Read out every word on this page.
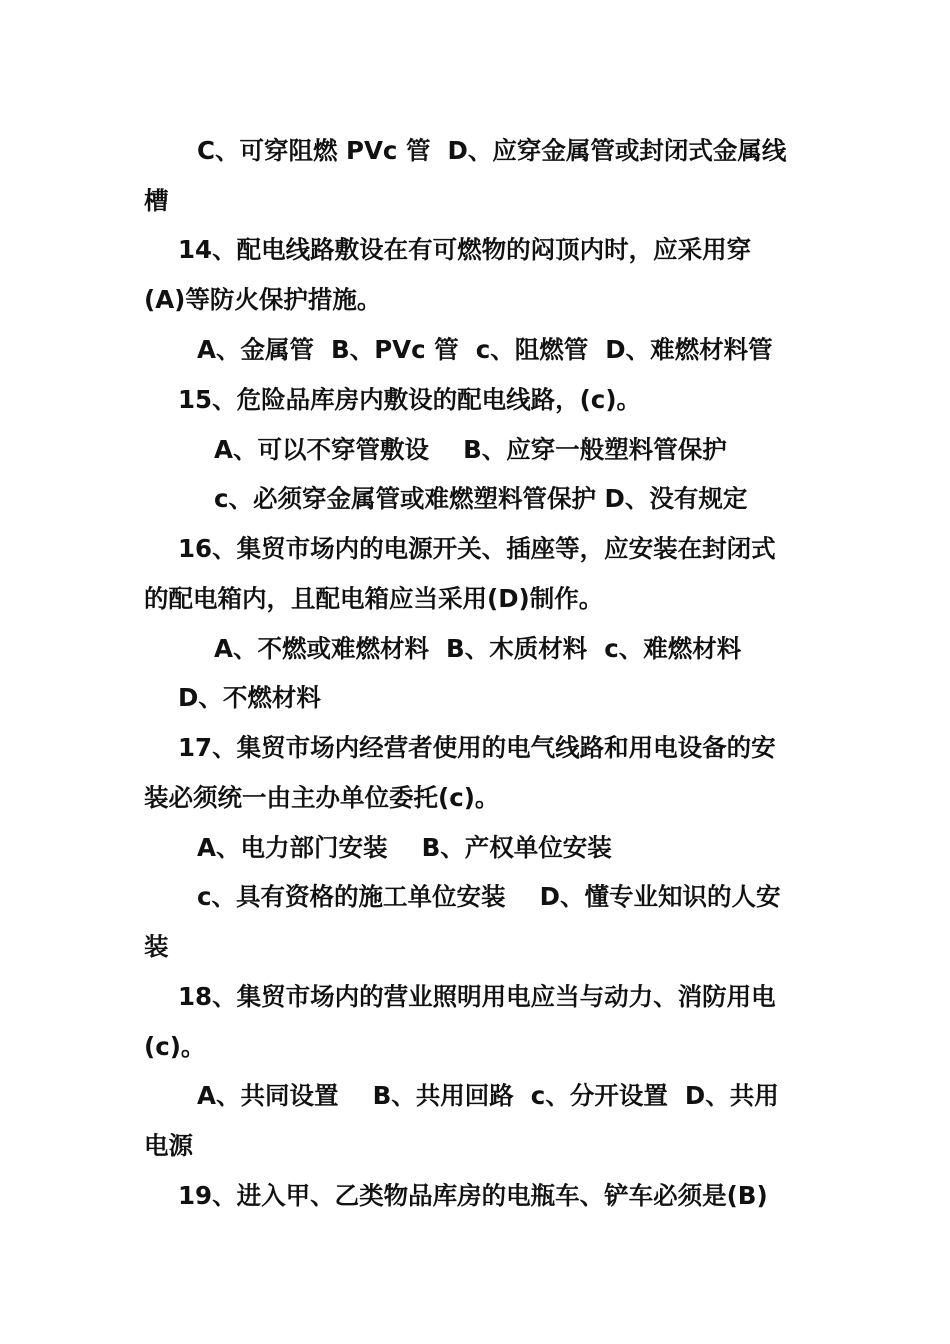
C、可穿阻燃 PVc 管  D、应穿金属管或封闭式金属线
槽
14、配电线路敷设在有可燃物的闷顶内时，应采用穿
(A)等防火保护措施。
A、金属管  B、PVc 管  c、阻燃管  D、难燃材料管
15、危险品库房内敷设的配电线路，(c)。
A、可以不穿管敷设    B、应穿一般塑料管保护
c、必须穿金属管或难燃塑料管保护 D、没有规定
16、集贸市场内的电源开关、插座等，应安装在封闭式
的配电箱内，且配电箱应当采用(D)制作。
A、不燃或难燃材料  B、木质材料  c、难燃材料
D、不燃材料
17、集贸市场内经营者使用的电气线路和用电设备的安
装必须统一由主办单位委托(c)。
A、电力部门安装    B、产权单位安装
c、具有资格的施工单位安装    D、懂专业知识的人安
装
18、集贸市场内的营业照明用电应当与动力、消防用电
(c)。
A、共同设置    B、共用回路  c、分开设置  D、共用
电源
19、进入甲、乙类物品库房的电瓶车、铲车必须是(B)
